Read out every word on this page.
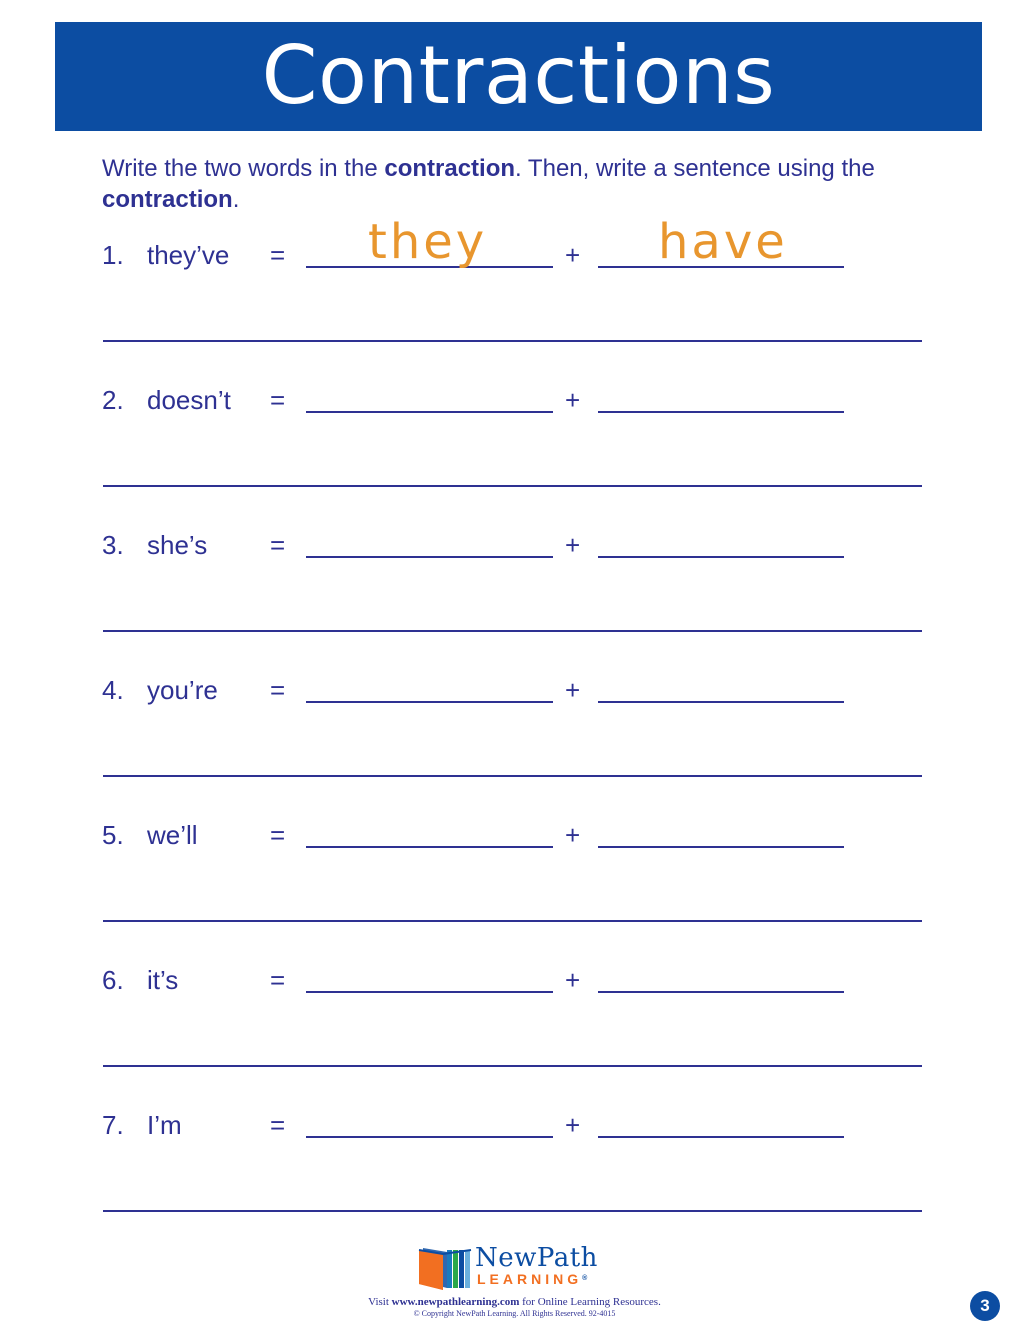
Contractions

Write the two words in the contraction. Then, write a sentence using the contraction.

1. they’ve =	they	+	have
2. doesn’t =	+
3. she’s =	+
4. you’re =	+
5. we’ll	=	+
6. it’s	=	+
7. I’m	=	+
NewPath
LEARNING®
Visit www.newpathlearning.com for Online Learning Resources.
© Copyright NewPath Learning. All Rights Reserved. 92-4015	3
